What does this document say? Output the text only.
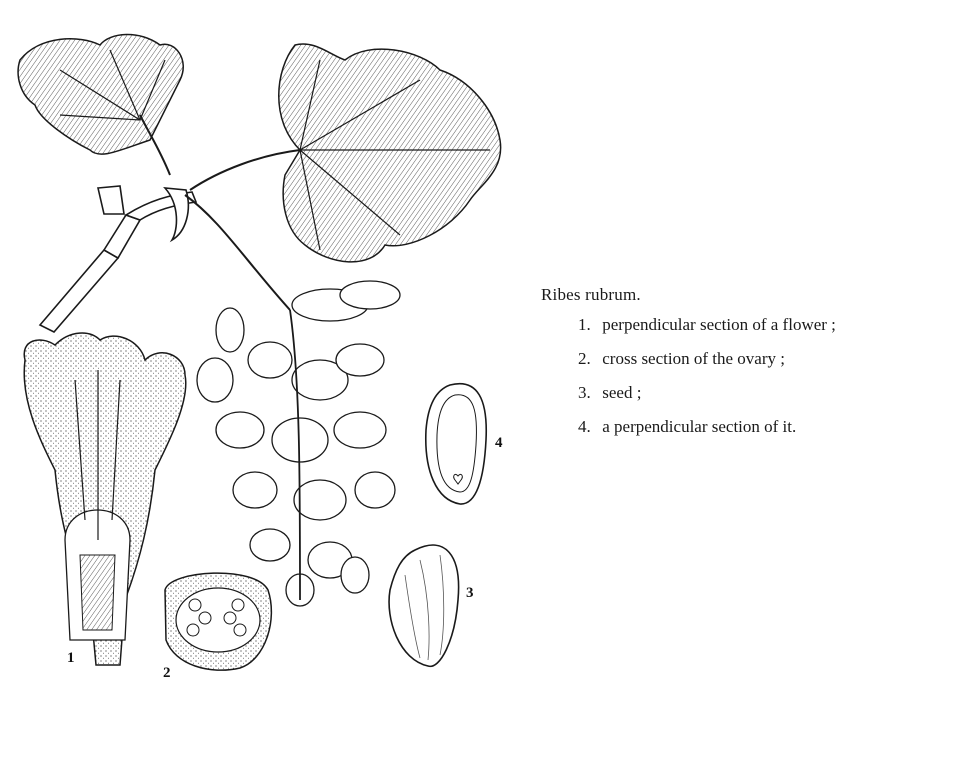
1
2
3
4
Ribes rubrum.
1. perpendicular section of a flower ;
2. cross section of the ovary ;
3. seed ;
4. a perpendicular section of it.
